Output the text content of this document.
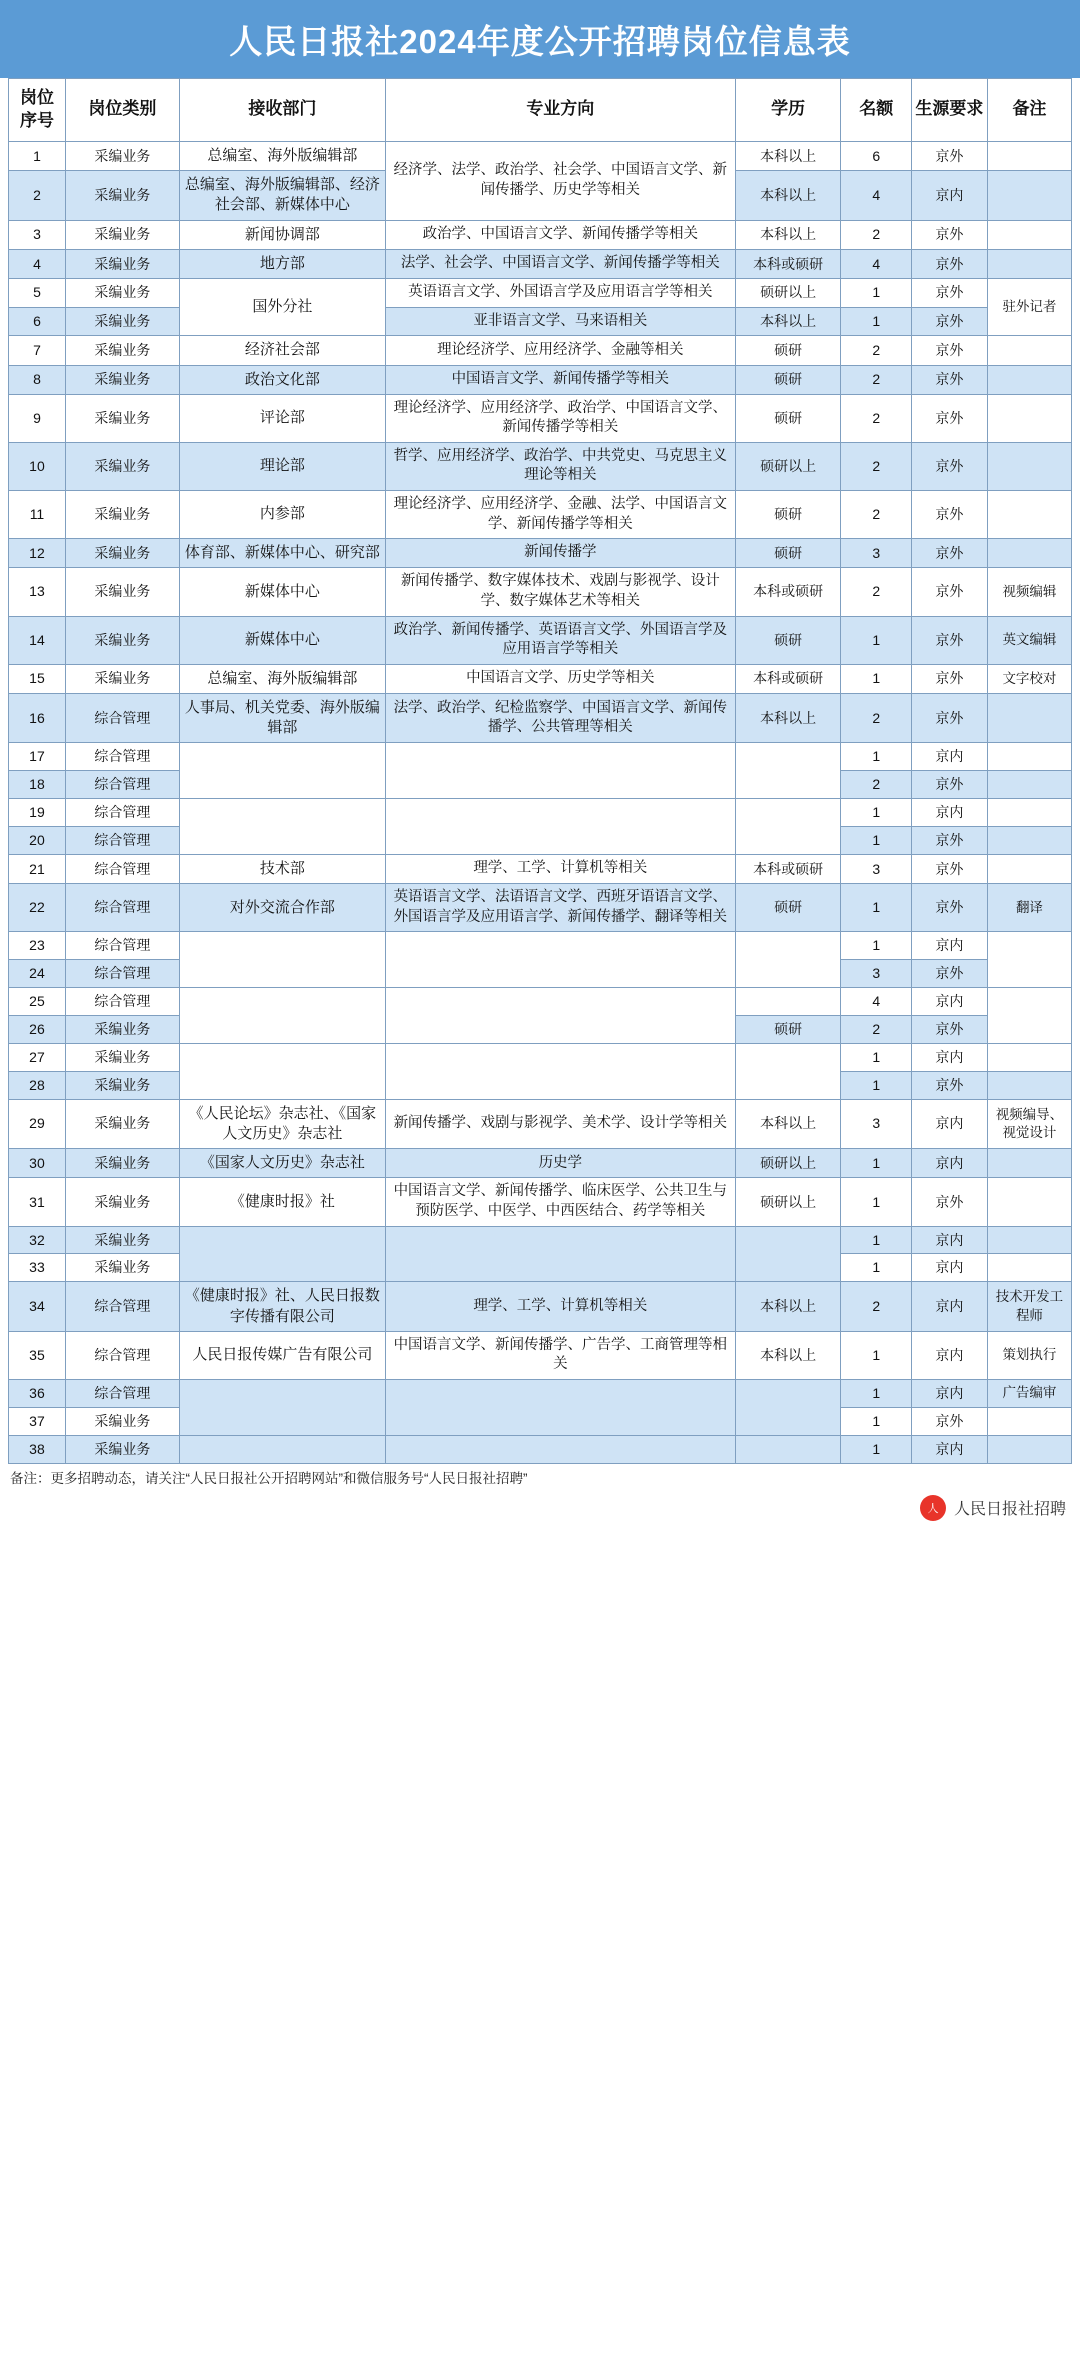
人民日报社2024年度公开招聘岗位信息表
岗位序号	岗位类别	接收部门	专业方向	学历	名额	生源要求	备注
1	采编业务	总编室、海外版编辑部	经济学、法学、政治学、社会学、中国语言文学、新闻传播学、历史学等相关	本科以上	6	京外	
2	采编业务	总编室、海外版编辑部、经济社会部、新媒体中心		本科以上	4	京内	
3	采编业务	新闻协调部	政治学、中国语言文学、新闻传播学等相关	本科以上	2	京外	
4	采编业务	地方部	法学、社会学、中国语言文学、新闻传播学等相关	本科或硕研	4	京外	
5	采编业务	国外分社	英语语言文学、外国语言学及应用语言学等相关	硕研以上	1	京外	驻外记者
6	采编业务		亚非语言文学、马来语相关	本科以上	1	京外	
7	采编业务	经济社会部	理论经济学、应用经济学、金融等相关	硕研	2	京外	
8	采编业务	政治文化部	中国语言文学、新闻传播学等相关	硕研	2	京外	
9	采编业务	评论部	理论经济学、应用经济学、政治学、中国语言文学、新闻传播学等相关	硕研	2	京外	
10	采编业务	理论部	哲学、应用经济学、政治学、中共党史、马克思主义理论等相关	硕研以上	2	京外	
11	采编业务	内参部	理论经济学、应用经济学、金融、法学、中国语言文学、新闻传播学等相关	硕研	2	京外	
12	采编业务	体育部、新媒体中心、研究部	新闻传播学	硕研	3	京外	
13	采编业务	新媒体中心	新闻传播学、数字媒体技术、戏剧与影视学、设计学、数字媒体艺术等相关	本科或硕研	2	京外	视频编辑
14	采编业务	新媒体中心	政治学、新闻传播学、英语语言文学、外国语言学及应用语言学等相关	硕研	1	京外	英文编辑
15	采编业务	总编室、海外版编辑部	中国语言文学、历史学等相关	本科或硕研	1	京外	文字校对
16	综合管理	人事局、机关党委、海外版编辑部	法学、政治学、纪检监察学、中国语言文学、新闻传播学、公共管理等相关	本科以上	2	京外	
17	综合管理				1	京内	
18	综合管理				2	京外	
19	综合管理				1	京内	
20	综合管理				1	京外	
21	综合管理	技术部	理学、工学、计算机等相关	本科或硕研	3	京外	
22	综合管理	对外交流合作部	英语语言文学、法语语言文学、西班牙语语言文学、外国语言学及应用语言学、新闻传播学、翻译等相关	硕研	1	京外	翻译
23	综合管理				1	京内	
24	综合管理				3	京外	
25	综合管理				4	京内	
26	采编业务			硕研	2	京外	
27	采编业务				1	京内	
28	采编业务				1	京外	
29	采编业务	《人民论坛》杂志社、《国家人文历史》杂志社	新闻传播学、戏剧与影视学、美术学、设计学等相关	本科以上	3	京内	视频编导、视觉设计
30	采编业务	《国家人文历史》杂志社	历史学	硕研以上	1	京内	
31	采编业务	《健康时报》社	中国语言文学、新闻传播学、临床医学、公共卫生与预防医学、中医学、中西医结合、药学等相关	硕研以上	1	京外	
32	采编业务				1	京内	
33	采编业务				1	京内	
34	综合管理	《健康时报》社、人民日报数字传播有限公司	理学、工学、计算机等相关	本科以上	2	京内	技术开发工程师
35	综合管理	人民日报传媒广告有限公司	中国语言文学、新闻传播学、广告学、工商管理等相关	本科以上	1	京内	策划执行
36	综合管理				1	京内	广告编审
37	采编业务				1	京外	
38	采编业务				1	京内	
备注：更多招聘动态，请关注“人民日报社公开招聘网站”和微信服务号“人民日报社招聘”
人 人民日报社招聘
